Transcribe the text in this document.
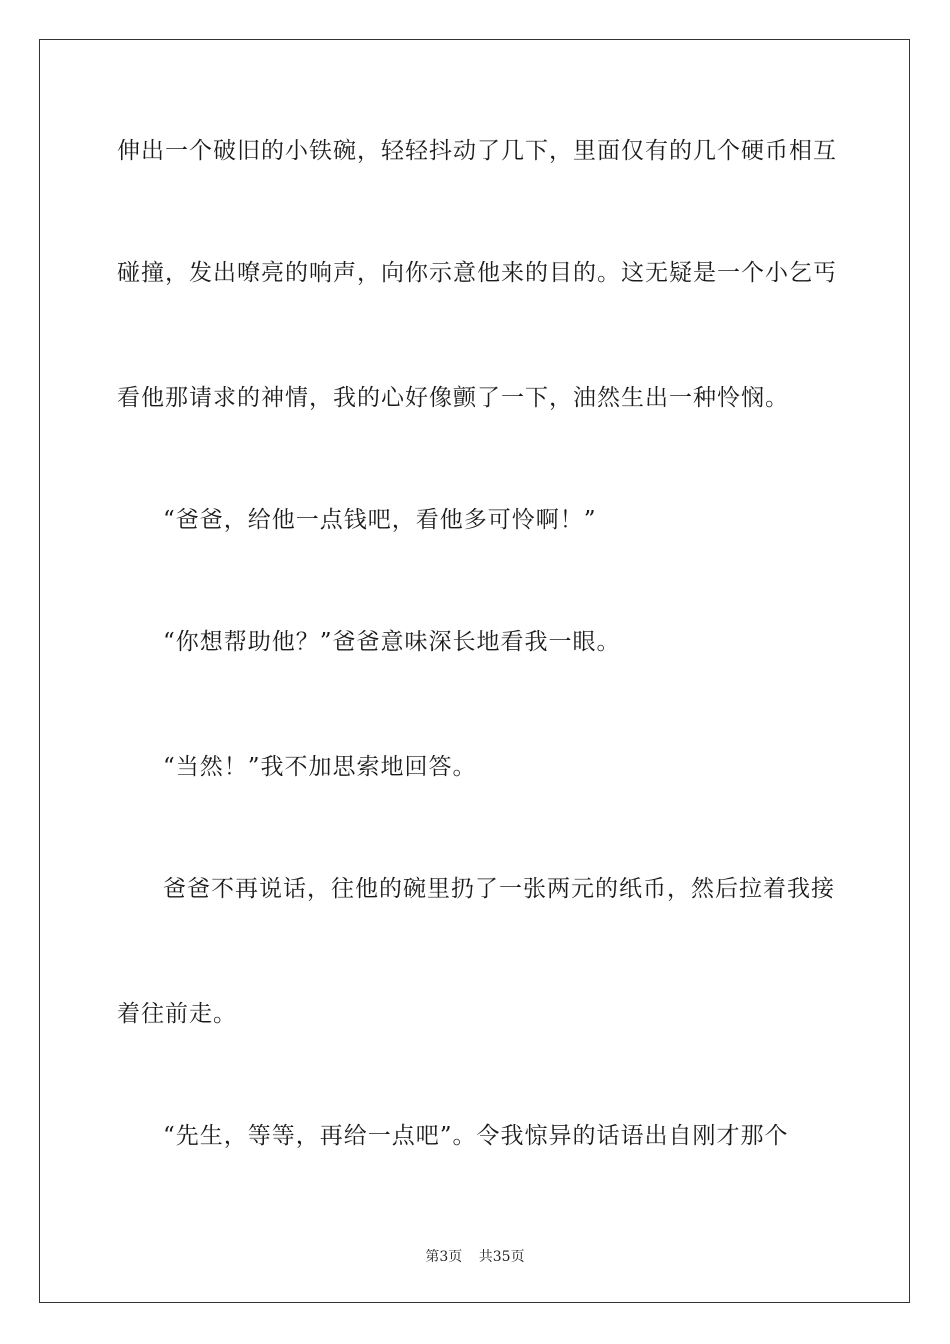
伸出一个破旧的小铁碗，轻轻抖动了几下，里面仅有的几个硬币相互
碰撞，发出嘹亮的响声，向你示意他来的目的。这无疑是一个小乞丐
看他那请求的神情，我的心好像颤了一下，油然生出一种怜悯。
“爸爸，给他一点钱吧，看他多可怜啊！”
“你想帮助他？”爸爸意味深长地看我一眼。
“当然！”我不加思索地回答。
爸爸不再说话，往他的碗里扔了一张两元的纸币，然后拉着我接
着往前走。
“先生，等等，再给一点吧”。令我惊异的话语出自刚才那个
第3页 共35页
